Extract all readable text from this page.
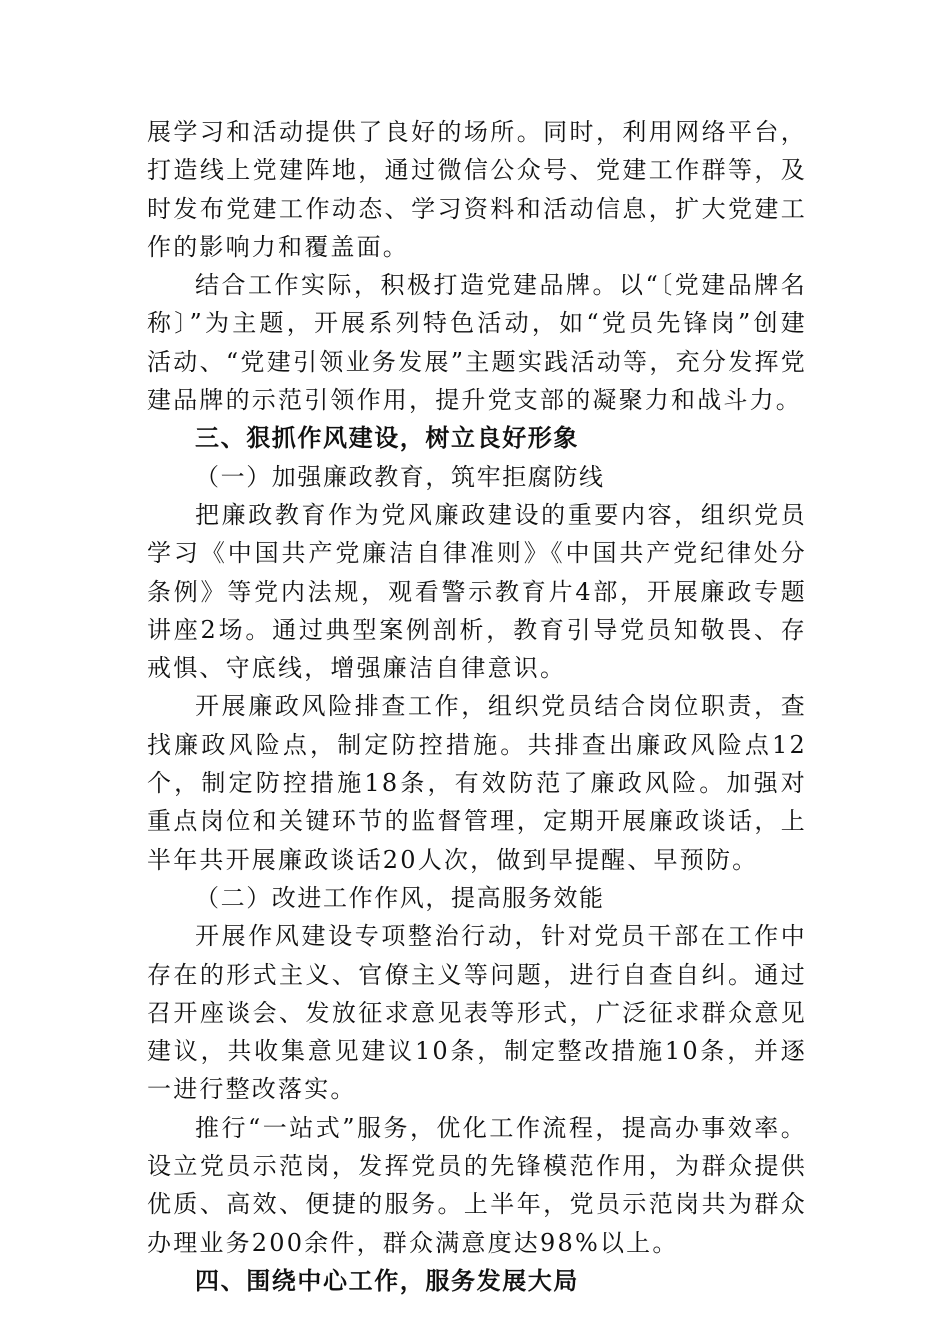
展学习和活动提供了良好的场所。同时，利用网络平台，打造线上党建阵地，通过微信公众号、党建工作群等，及时发布党建工作动态、学习资料和活动信息，扩大党建工作的影响力和覆盖面。

结合工作实际，积极打造党建品牌。以“〔党建品牌名称〕”为主题，开展系列特色活动，如“党员先锋岗”创建活动、“党建引领业务发展”主题实践活动等，充分发挥党建品牌的示范引领作用，提升党支部的凝聚力和战斗力。

三、狠抓作风建设，树立良好形象

（一）加强廉政教育，筑牢拒腐防线

把廉政教育作为党风廉政建设的重要内容，组织党员学习《中国共产党廉洁自律准则》《中国共产党纪律处分条例》等党内法规，观看警示教育片4部，开展廉政专题讲座2场。通过典型案例剖析，教育引导党员知敬畏、存戒惧、守底线，增强廉洁自律意识。

开展廉政风险排查工作，组织党员结合岗位职责，查找廉政风险点，制定防控措施。共排查出廉政风险点12个，制定防控措施18条，有效防范了廉政风险。加强对重点岗位和关键环节的监督管理，定期开展廉政谈话，上半年共开展廉政谈话20人次，做到早提醒、早预防。

（二）改进工作作风，提高服务效能

开展作风建设专项整治行动，针对党员干部在工作中存在的形式主义、官僚主义等问题，进行自查自纠。通过召开座谈会、发放征求意见表等形式，广泛征求群众意见建议，共收集意见建议10条，制定整改措施10条，并逐一进行整改落实。

推行“一站式”服务，优化工作流程，提高办事效率。设立党员示范岗，发挥党员的先锋模范作用，为群众提供优质、高效、便捷的服务。上半年，党员示范岗共为群众办理业务200余件，群众满意度达98%以上。

四、围绕中心工作，服务发展大局
